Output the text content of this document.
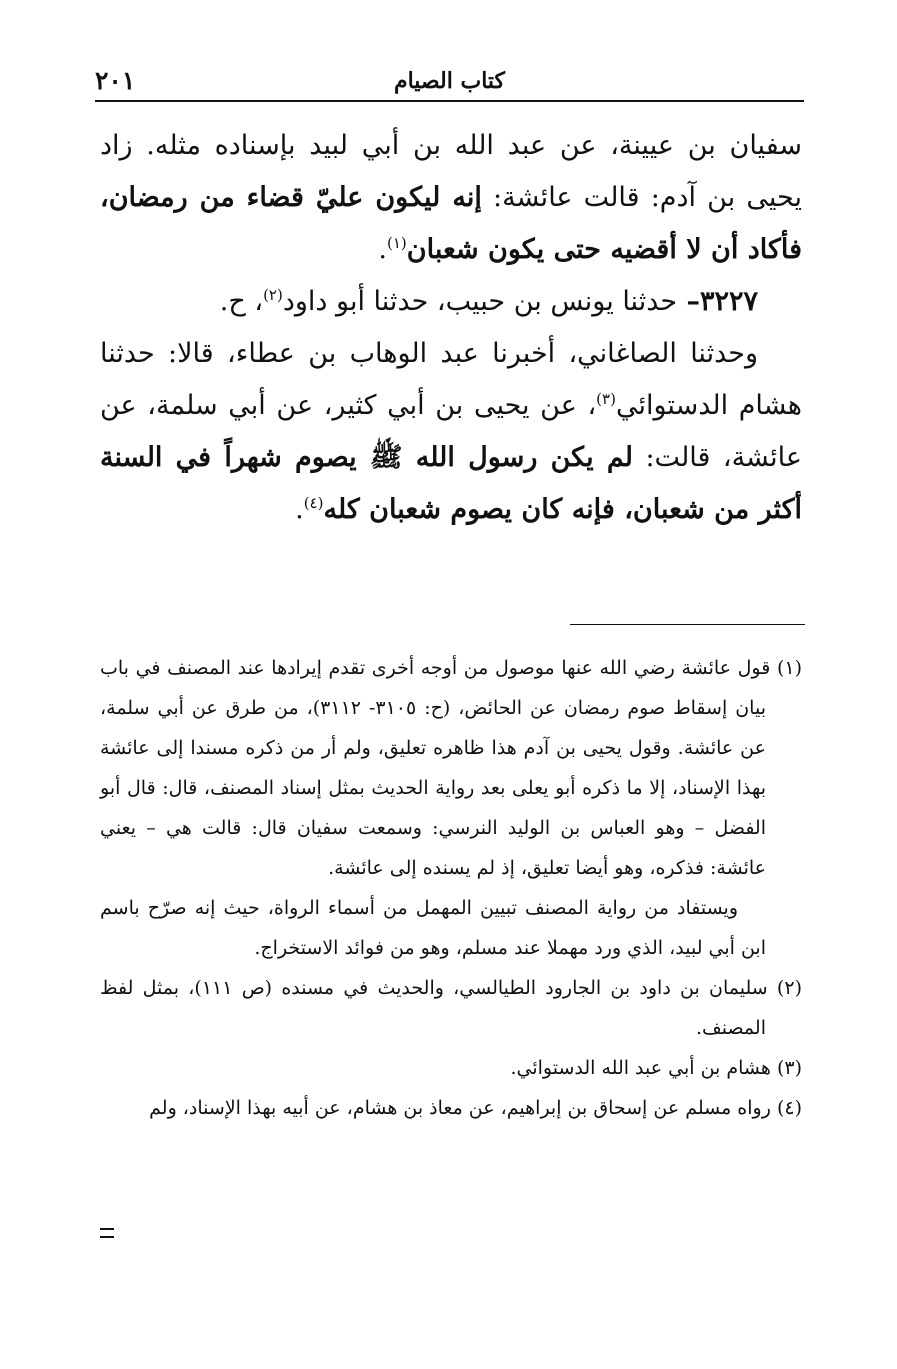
كتاب الصيام
٢٠١

سفيان بن عيينة، عن عبد الله بن أبي لبيد بإسناده مثله. زاد يحيى بن آدم: قالت عائشة: إنه ليكون عليّ قضاء من رمضان، فأكاد أن لا أقضيه حتى يكون شعبان$^{(١)}$.

٣٢٢٧– حدثنا يونس بن حبيب، حدثنا أبو داود$^{(٢)}$، ح.

وحدثنا الصاغاني، أخبرنا عبد الوهاب بن عطاء، قالا: حدثنا هشام الدستوائي$^{(٣)}$، عن يحيى بن أبي كثير، عن أبي سلمة، عن عائشة، قالت: لم يكن رسول الله ﷺ يصوم شهراً في السنة أكثر من شعبان، فإنه كان يصوم شعبان كله$^{(٤)}$.

(١) قول عائشة رضي الله عنها موصول من أوجه أخرى تقدم إيرادها عند المصنف في باب بيان إسقاط صوم رمضان عن الحائض، (ح: ٣١٠٥- ٣١١٢)، من طرق عن أبي سلمة، عن عائشة. وقول يحيى بن آدم هذا ظاهره تعليق، ولم أر من ذكره مسندا إلى عائشة بهذا الإسناد، إلا ما ذكره أبو يعلى بعد رواية الحديث بمثل إسناد المصنف، قال: قال أبو الفضل – وهو العباس بن الوليد النرسي: وسمعت سفيان قال: قالت هي – يعني عائشة: فذكره، وهو أيضا تعليق، إذ لم يسنده إلى عائشة.

ويستفاد من رواية المصنف تبيين المهمل من أسماء الرواة، حيث إنه صرّح باسم ابن أبي لبيد، الذي ورد مهملا عند مسلم، وهو من فوائد الاستخراج.

(٢) سليمان بن داود بن الجارود الطيالسي، والحديث في مسنده (ص ١١١)، بمثل لفظ المصنف.

(٣) هشام بن أبي عبد الله الدستوائي.

(٤) رواه مسلم عن إسحاق بن إبراهيم، عن معاذ بن هشام، عن أبيه بهذا الإسناد، ولم
